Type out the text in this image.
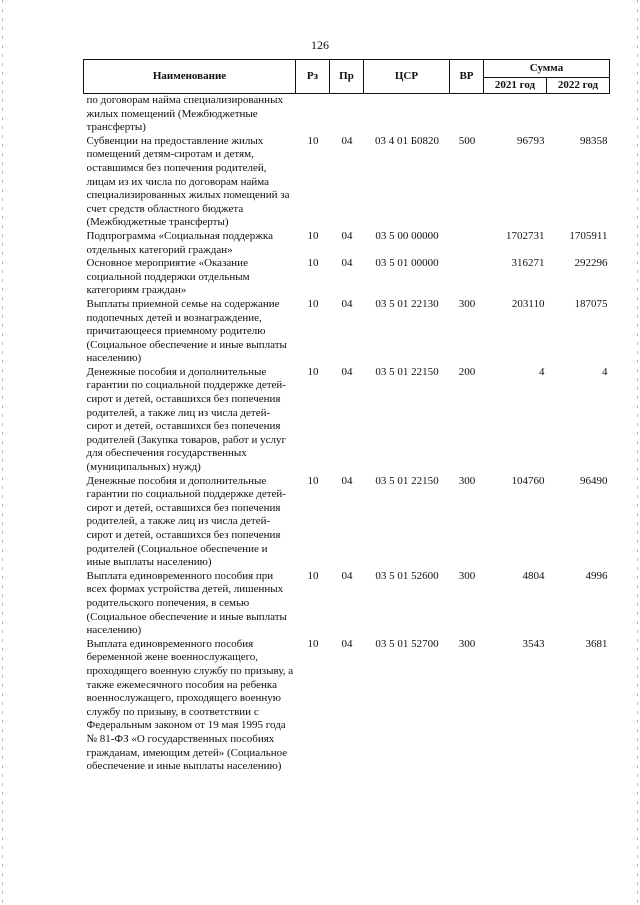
126
Наименование	Рз	Пр	ЦСР	ВР	Сумма	
					2021 год	2022 год
по договорам найма специализированных жилых помещений (Межбюджетные трансферты)						
Субвенции на предоставление жилых помещений детям-сиротам и детям, оставшимся без попечения родителей, лицам из их числа по договорам найма специализированных жилых помещений за счет средств областного бюджета (Межбюджетные трансферты)	10	04	03 4 01 Б0820	500	96793	98358
Подпрограмма «Социальная поддержка отдельных категорий граждан»	10	04	03 5 00 00000		1702731	1705911
Основное мероприятие «Оказание социальной поддержки отдельным категориям граждан»	10	04	03 5 01 00000		316271	292296
Выплаты приемной семье на содержание подопечных детей и вознаграждение, причитающееся приемному родителю (Социальное обеспечение и иные выплаты населению)	10	04	03 5 01 22130	300	203110	187075
Денежные пособия и дополнительные гарантии по социальной поддержке детей-сирот и детей, оставшихся без попечения родителей, а также лиц из числа детей-сирот и детей, оставшихся без попечения родителей (Закупка товаров, работ и услуг для обеспечения государственных (муниципальных) нужд)	10	04	03 5 01 22150	200	4	4
Денежные пособия и дополнительные гарантии по социальной поддержке детей-сирот и детей, оставшихся без попечения родителей, а также лиц из числа детей-сирот и детей, оставшихся без попечения родителей (Социальное обеспечение и иные выплаты населению)	10	04	03 5 01 22150	300	104760	96490
Выплата единовременного пособия при всех формах устройства детей, лишенных родительского попечения, в семью (Социальное обеспечение и иные выплаты населению)	10	04	03 5 01 52600	300	4804	4996
Выплата единовременного пособия беременной жене военнослужащего, проходящего военную службу по призыву, а также ежемесячного пособия на ребенка военнослужащего, проходящего военную службу по призыву, в соответствии с Федеральным законом от 19 мая 1995 года № 81-ФЗ «О государственных пособиях гражданам, имеющим детей» (Социальное обеспечение и иные выплаты населению)	10	04	03 5 01 52700	300	3543	3681
